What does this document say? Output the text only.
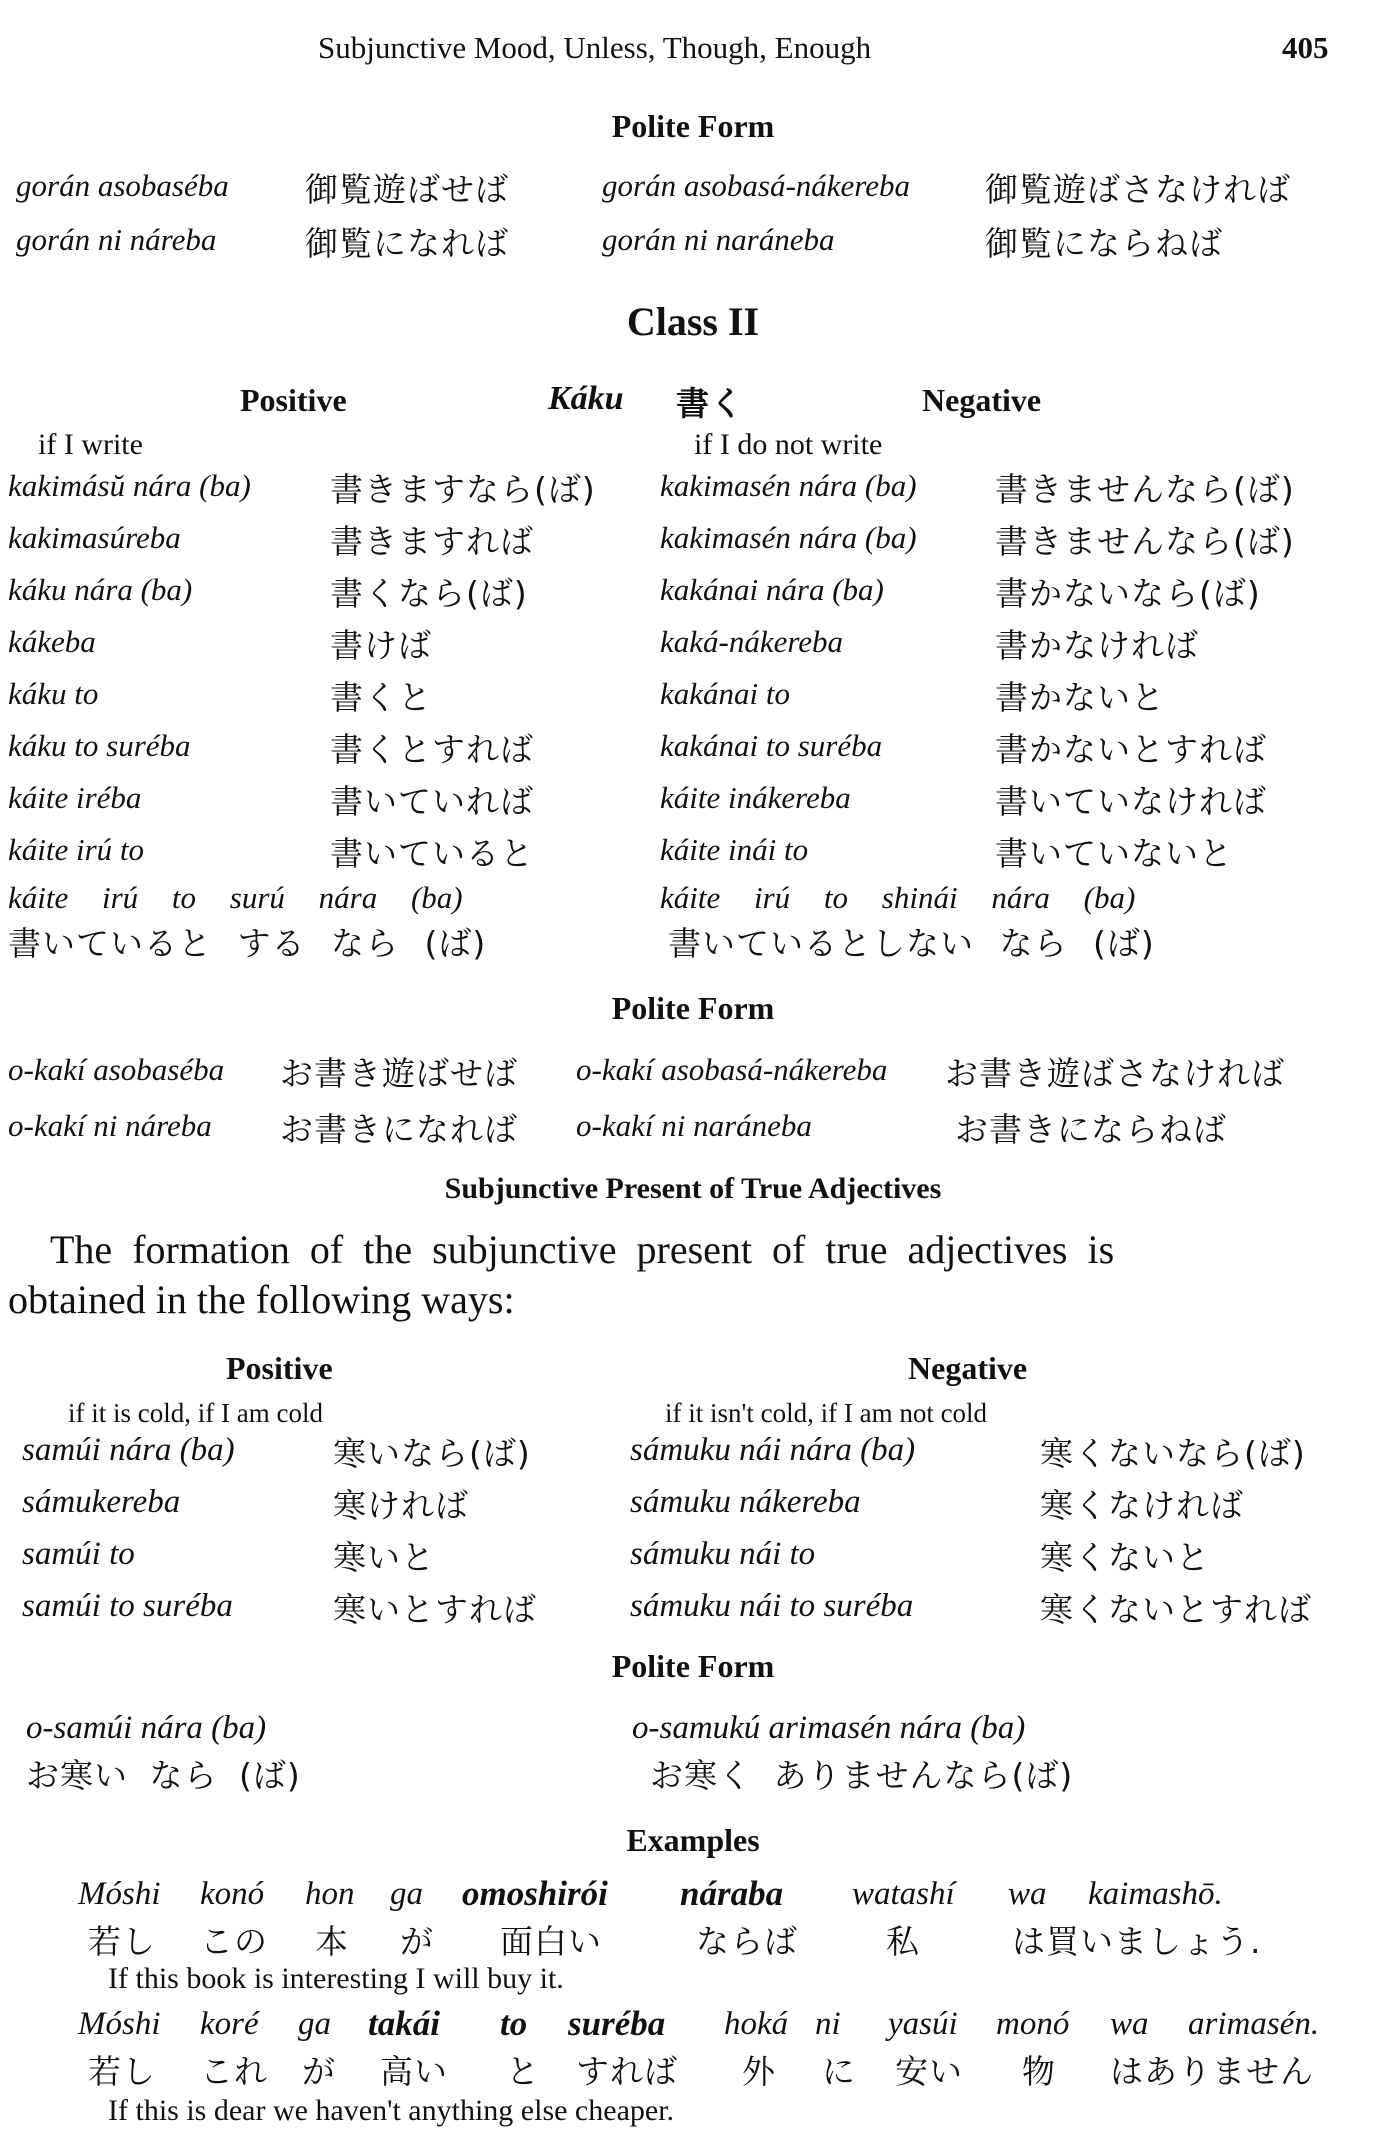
Subjunctive Mood, Unless, Though, Enough	405
Polite Form
gorán asobaséba 御覧遊ばせば	gorán asobasá-nákereba 御覧遊ばさなければ
gorán ni náreba	御覧になれば	gorán ni naráneba	御覧にならねば
Class II
Positive	Káku 書く	Negative
if I write	if I do not write
kakimásŭ nára (ba) 書きますなら(ば) kakimasén nára (ba) 書きませんなら(ば)
kakimasúreba	書きますれば	kakimasén nára (ba) 書きませんなら(ば)
káku nára (ba)	書くなら(ば)	kakánai nára (ba)	書かないなら(ば)
kákeba	書けば	kaká-nákereba	書かなければ
káku to	書くと	kakánai to	書かないと
káku to suréba	書くとすれば	kakánai to suréba	書かないとすれば
káite iréba	書いていれば	káite inákereba	書いていなければ
káite irú to	書いていると	káite inái to	書いていないと
káite irú to surú nára (ba)
書いていると する なら (ば)
káite irú to shinái nára (ba)
書いているとしない なら (ば)
Polite Form
o-kakí asobaséba お書き遊ばせば o-kakí asobasá-nákereba お書き遊ばさなければ
o-kakí ni náreba お書きになれば o-kakí ni naráneba	お書きにならねば
Subjunctive Present of True Adjectives
The formation of the subjunctive present of true adjectives is
obtained in the following ways:
Positive	Negative
if it is cold, if I am cold	if it isn't cold, if I am not cold
samúi nára (ba)	寒いなら(ば)	sámuku nái nára (ba)	寒くないなら(ば)
sámukereba	寒ければ	sámuku nákereba	寒くなければ
samúi to	寒いと	sámuku nái to	寒くないと
samúi to suréba	寒いとすれば	sámuku nái to suréba	寒くないとすれば
Polite Form
o-samúi nára (ba)
お寒い なら (ば)
o-samukú arimasén nára (ba)
お寒く ありませんなら(ば)
Examples
Móshi konó hon ga omoshirói náraba watashí wa kaimashō.
若し この 本 が 面白い	ならば	私	は買いましょう.
If this book is interesting I will buy it.
Móshi koré ga takái to suréba hoká ni yasúi monó wa arimasén.
若し これ が 高い と すれば 外 に 安い 物 はありません
If this is dear we haven't anything else cheaper.
